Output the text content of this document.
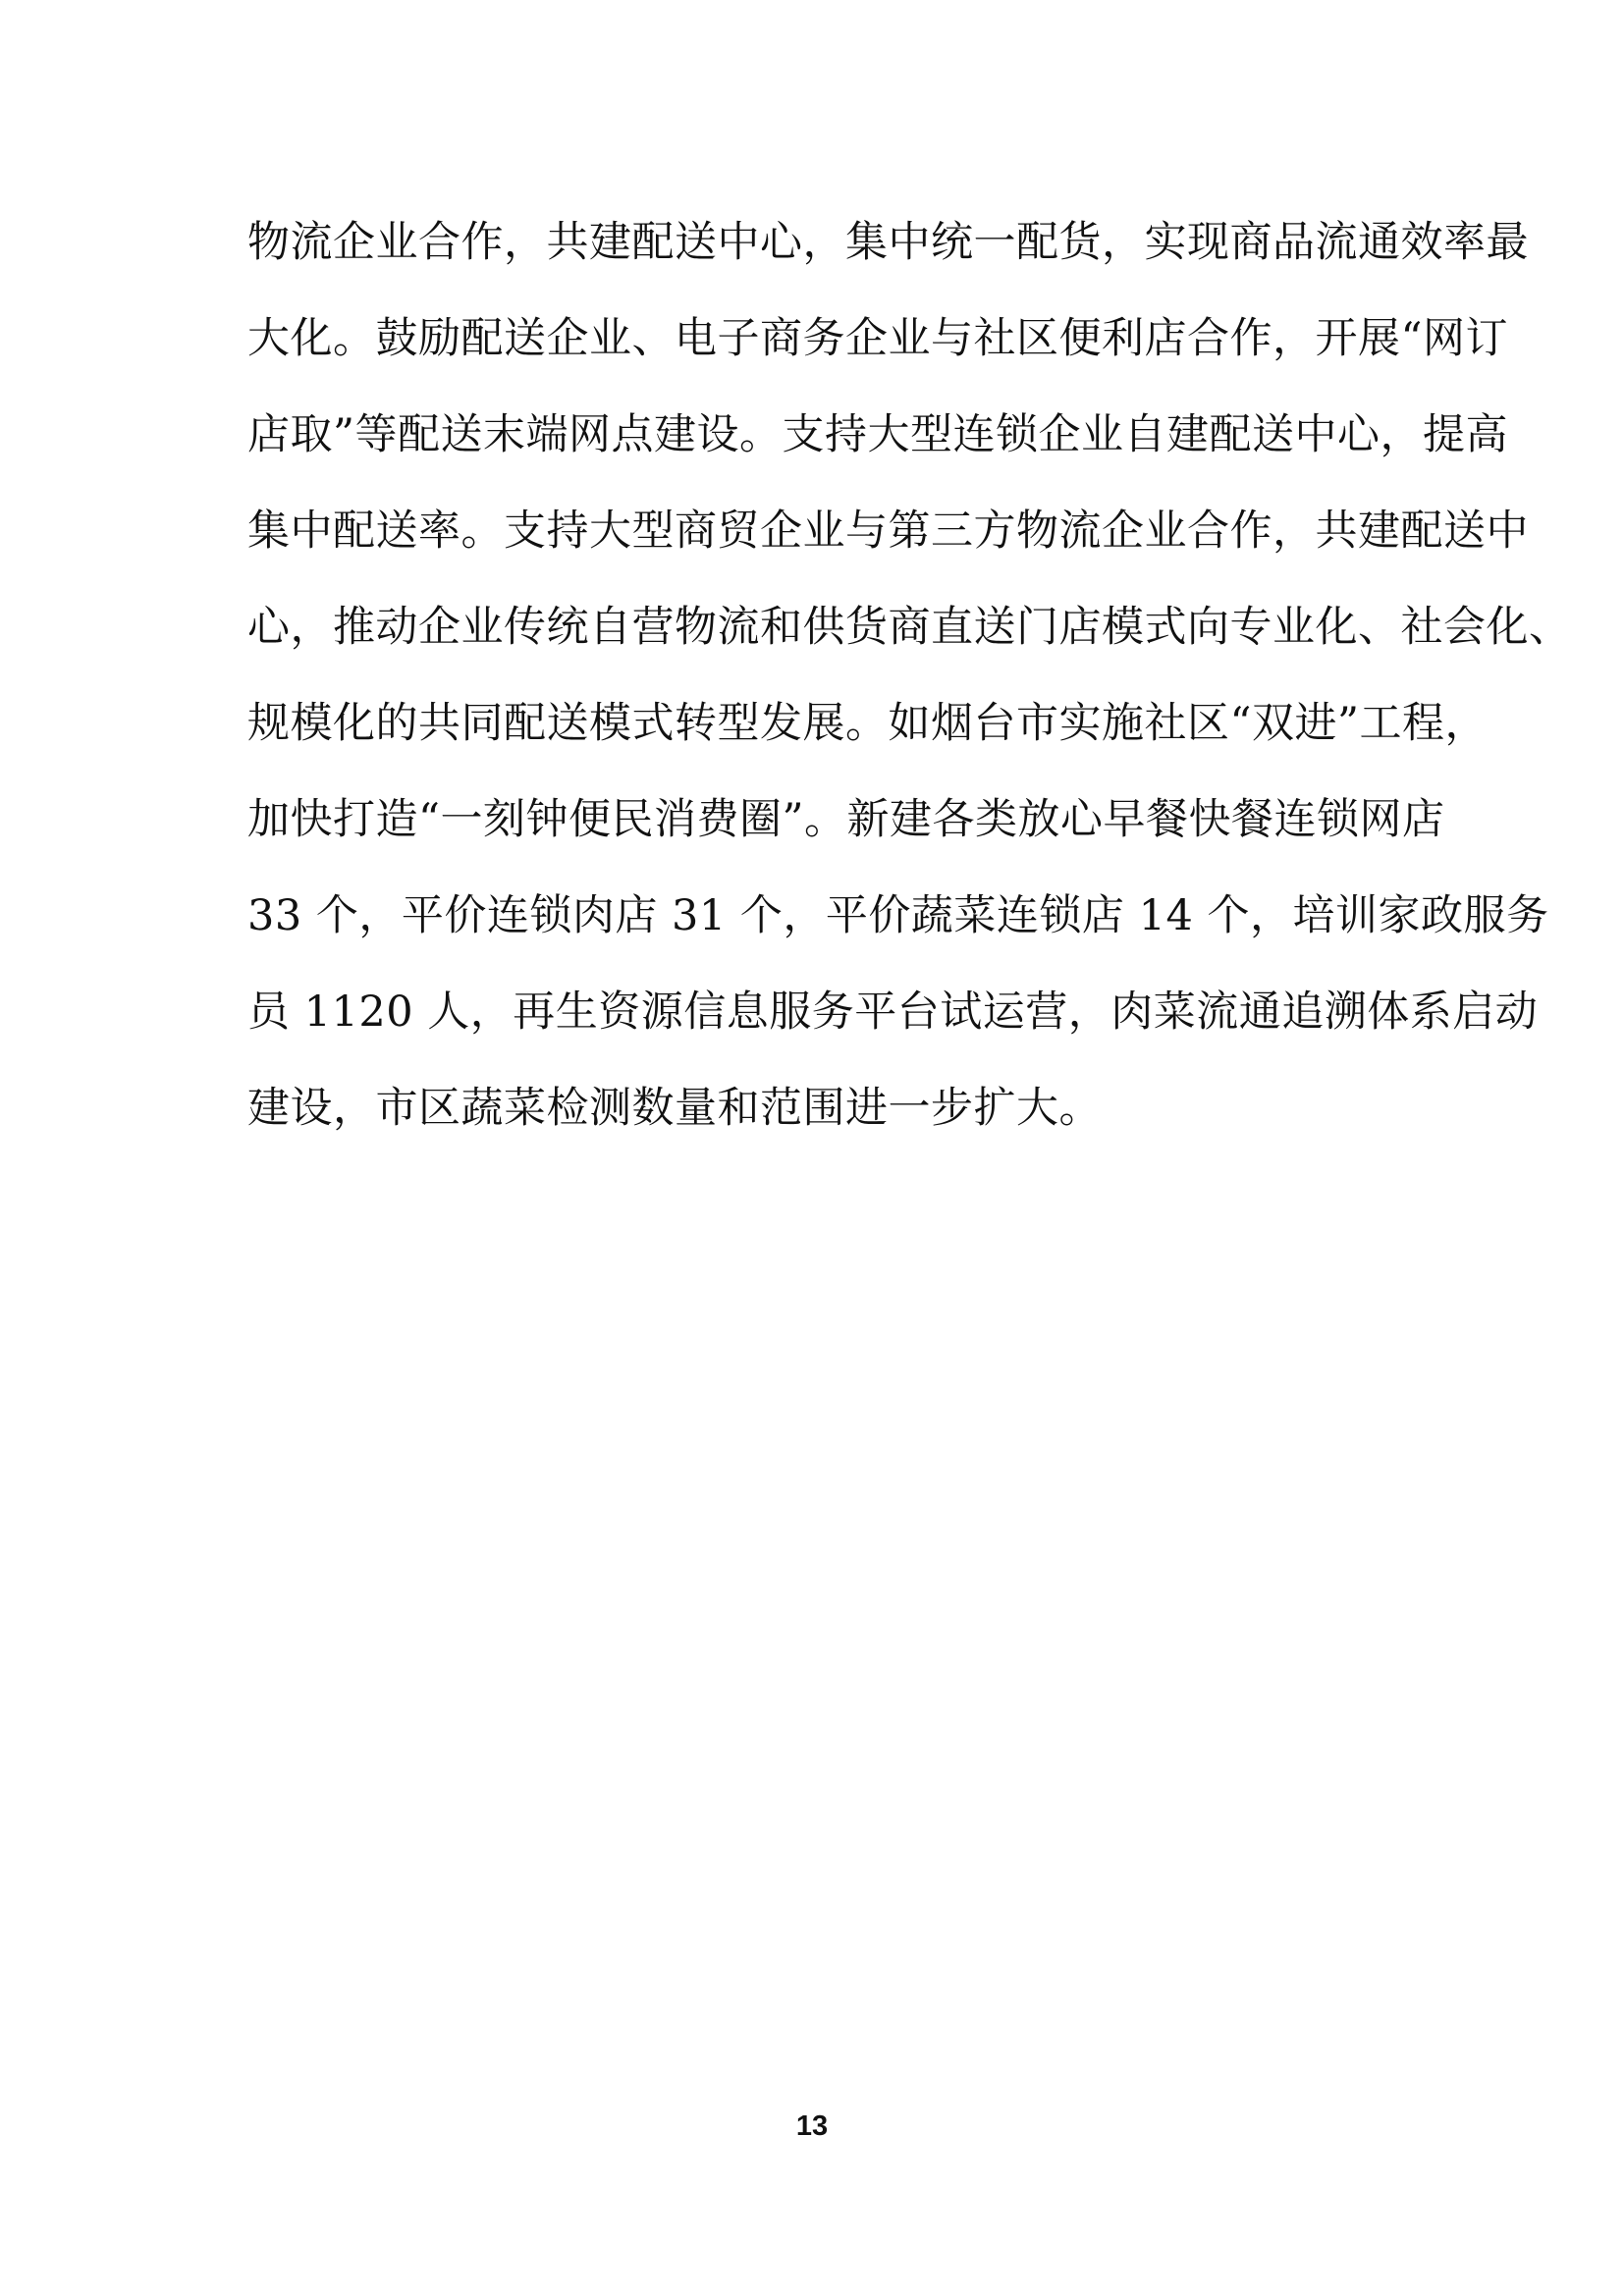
物流企业合作，共建配送中心，集中统一配货，实现商品流通效率最
大化。鼓励配送企业、电子商务企业与社区便利店合作，开展“网订
店取”等配送末端网点建设。支持大型连锁企业自建配送中心，提高
集中配送率。支持大型商贸企业与第三方物流企业合作，共建配送中
心，推动企业传统自营物流和供货商直送门店模式向专业化、社会化、
规模化的共同配送模式转型发展。如烟台市实施社区“双进”工程，
加快打造“一刻钟便民消费圈”。新建各类放心早餐快餐连锁网店
33 个，平价连锁肉店 31 个，平价蔬菜连锁店 14 个，培训家政服务
员 1120 人，再生资源信息服务平台试运营，肉菜流通追溯体系启动
建设，市区蔬菜检测数量和范围进一步扩大。
13
